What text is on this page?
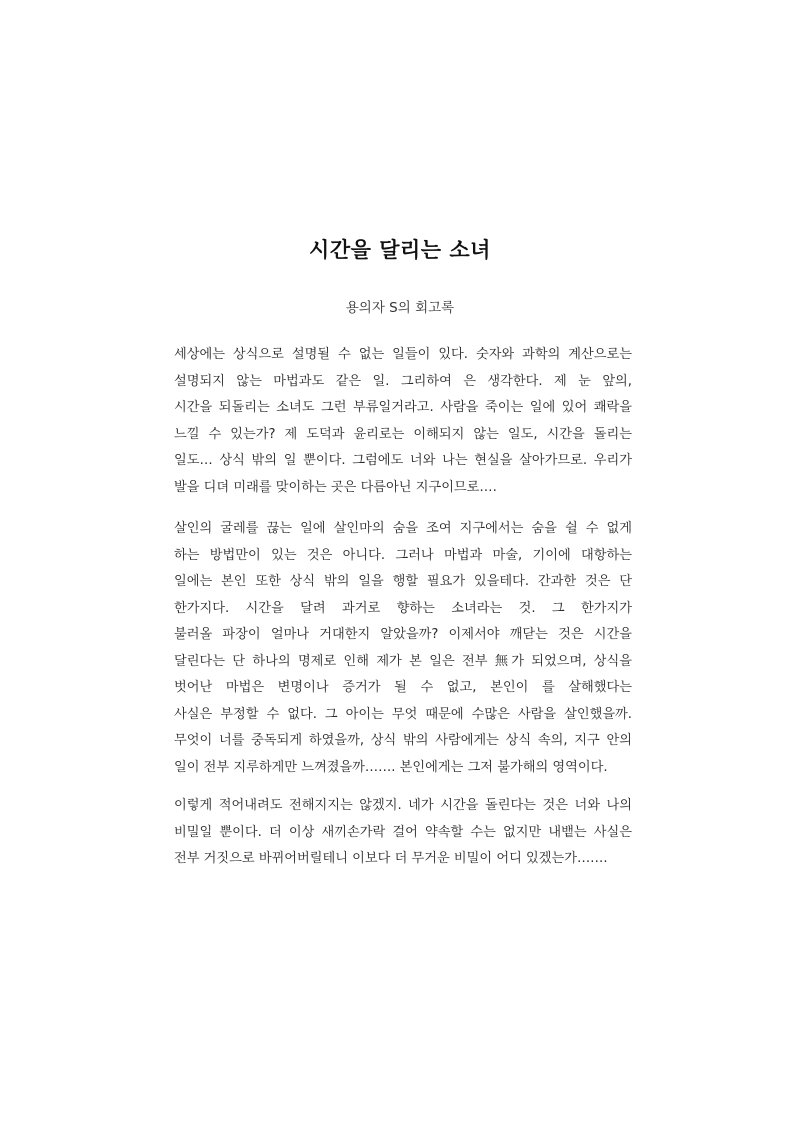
시간을 달리는 소녀

용의자 S의 회고록

세상에는 상식으로 설명될 수 없는 일들이 있다. 숫자와 과학의 계산으로는
설명되지 않는 마법과도 같은 일. 그리하여 은 생각한다. 제 눈 앞의,
시간을 되돌리는 소녀도 그런 부류일거라고. 사람을 죽이는 일에 있어 쾌락을
느낄 수 있는가? 제 도덕과 윤리로는 이해되지 않는 일도, 시간을 돌리는
일도… 상식 밖의 일 뿐이다. 그럼에도 너와 나는 현실을 살아가므로. 우리가
발을 디뎌 미래를 맞이하는 곳은 다름아닌 지구이므로….
살인의 굴레를 끊는 일에 살인마의 숨을 조여 지구에서는 숨을 쉴 수 없게
하는 방법만이 있는 것은 아니다. 그러나 마법과 마술, 기이에 대항하는
일에는 본인 또한 상식 밖의 일을 행할 필요가 있을테다. 간과한 것은 단
한가지다. 시간을 달려 과거로 향하는 소녀라는 것. 그 한가지가
불러올 파장이 얼마나 거대한지 알았을까? 이제서야 깨닫는 것은 시간을
달린다는 단 하나의 명제로 인해 제가 본 일은 전부 無가 되었으며, 상식을
벗어난 마법은 변명이나 증거가 될 수 없고, 본인이 를 살해했다는
사실은 부정할 수 없다. 그 아이는 무엇 때문에 수많은 사람을 살인했을까.
무엇이 너를 중독되게 하였을까, 상식 밖의 사람에게는 상식 속의, 지구 안의
일이 전부 지루하게만 느껴졌을까……. 본인에게는 그저 불가해의 영역이다.
이렇게 적어내려도 전해지지는 않겠지. 네가 시간을 돌린다는 것은 너와 나의
비밀일 뿐이다. 더 이상 새끼손가락 걸어 약속할 수는 없지만 내뱉는 사실은
전부 거짓으로 바뀌어버릴테니 이보다 더 무거운 비밀이 어디 있겠는가…….
